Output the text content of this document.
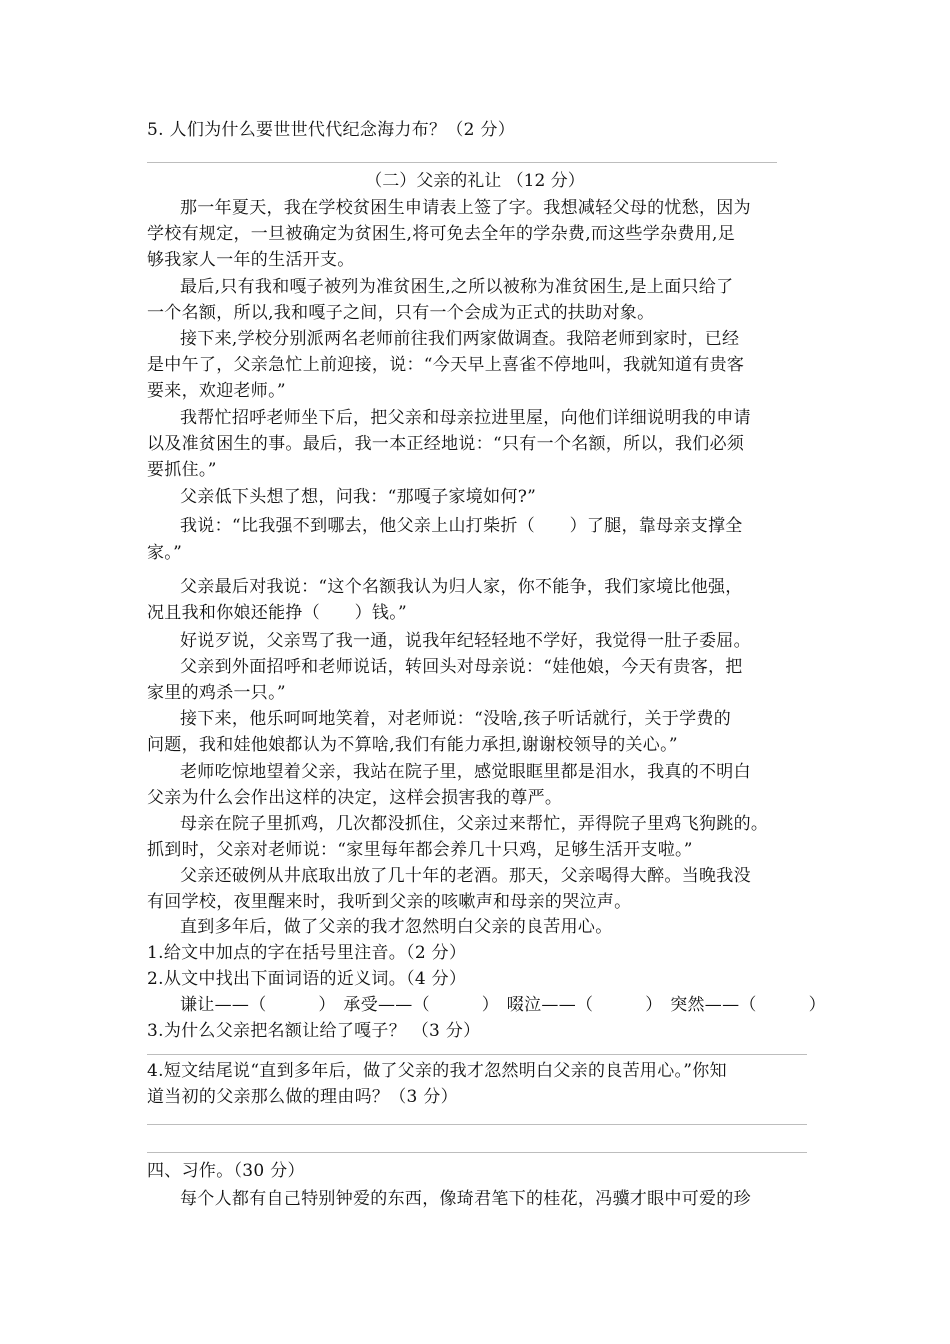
5. 人们为什么要世世代代纪念海力布？（2 分）
（二）父亲的礼让 （12 分）
那一年夏天，我在学校贫困生申请表上签了字。我想减轻父母的忧愁，因为
学校有规定，一旦被确定为贫困生,将可免去全年的学杂费,而这些学杂费用,足
够我家人一年的生活开支。
最后,只有我和嘎子被列为准贫困生,之所以被称为准贫困生,是上面只给了
一个名额，所以,我和嘎子之间，只有一个会成为正式的扶助对象。
接下来,学校分别派两名老师前往我们两家做调查。我陪老师到家时，已经
是中午了，父亲急忙上前迎接，说：“今天早上喜雀不停地叫，我就知道有贵客
要来，欢迎老师。”
我帮忙招呼老师坐下后，把父亲和母亲拉进里屋，向他们详细说明我的申请
以及准贫困生的事。最后，我一本正经地说：“只有一个名额，所以，我们必须
要抓住。”
父亲低下头想了想，问我：“那嘎子家境如何?”
我说：“比我强不到哪去，他父亲上山打柴折（　　）了腿，靠母亲支撑全
家。”
父亲最后对我说：“这个名额我认为归人家，你不能争，我们家境比他强，
况且我和你娘还能挣（　　）钱。”
好说歹说，父亲骂了我一通，说我年纪轻轻地不学好，我觉得一肚子委屈。
父亲到外面招呼和老师说话，转回头对母亲说：“娃他娘，今天有贵客，把
家里的鸡杀一只。”
接下来，他乐呵呵地笑着，对老师说：“没啥,孩子听话就行，关于学费的
问题，我和娃他娘都认为不算啥,我们有能力承担,谢谢校领导的关心。”
老师吃惊地望着父亲，我站在院子里，感觉眼眶里都是泪水，我真的不明白
父亲为什么会作出这样的决定，这样会损害我的尊严。
母亲在院子里抓鸡，几次都没抓住，父亲过来帮忙，弄得院子里鸡飞狗跳的。
抓到时，父亲对老师说：“家里每年都会养几十只鸡，足够生活开支啦。”
父亲还破例从井底取出放了几十年的老酒。那天，父亲喝得大醉。当晚我没
有回学校，夜里醒来时，我听到父亲的咳嗽声和母亲的哭泣声。
直到多年后，做了父亲的我才忽然明白父亲的良苦用心。
1.给文中加点的字在括号里注音。（2 分）
2.从文中找出下面词语的近义词。（4 分）
谦让——（　　　） 承受——（　　　） 啜泣——（　　　） 突然——（　　　）
3.为什么父亲把名额让给了嘎子？ （3 分）
4.短文结尾说“直到多年后，做了父亲的我才忽然明白父亲的良苦用心。”你知
道当初的父亲那么做的理由吗？（3 分）
四、习作。（30 分）
每个人都有自己特别钟爱的东西，像琦君笔下的桂花，冯骥才眼中可爱的珍
